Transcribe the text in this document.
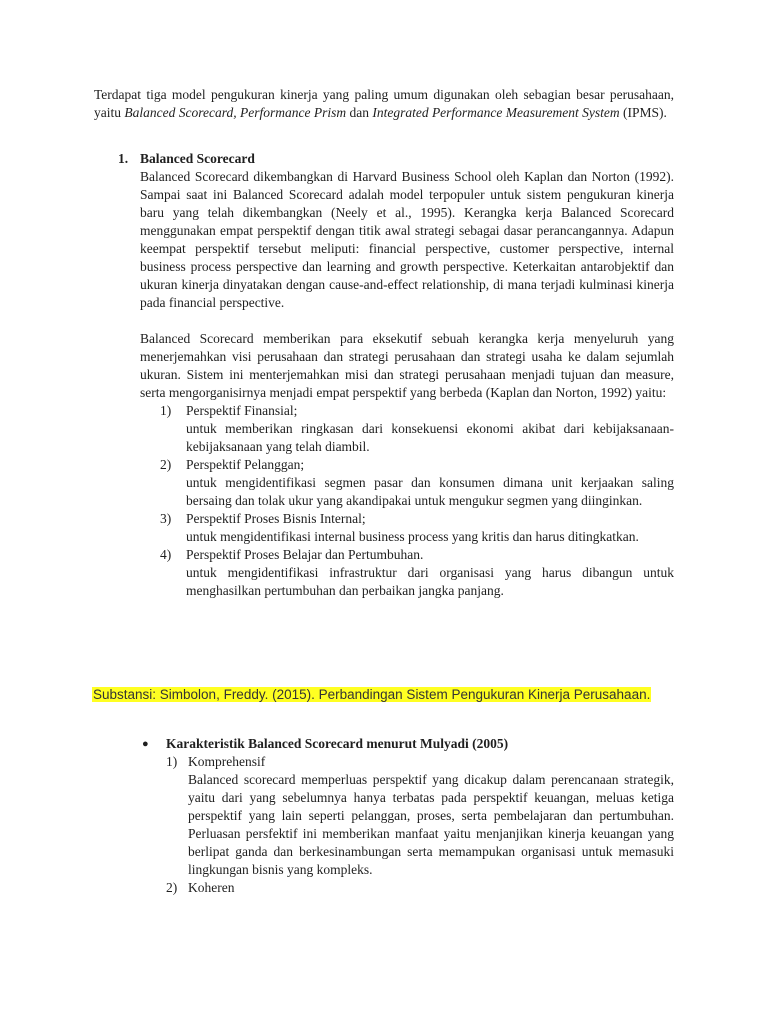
Terdapat tiga model pengukuran kinerja yang paling umum digunakan oleh sebagian besar perusahaan, yaitu Balanced Scorecard, Performance Prism dan Integrated Performance Measurement System (IPMS).

1. Balanced Scorecard

Balanced Scorecard dikembangkan di Harvard Business School oleh Kaplan dan Norton (1992). Sampai saat ini Balanced Scorecard adalah model terpopuler untuk sistem pengukuran kinerja baru yang telah dikembangkan (Neely et al., 1995). Kerangka kerja Balanced Scorecard menggunakan empat perspektif dengan titik awal strategi sebagai dasar perancangannya. Adapun keempat perspektif tersebut meliputi: financial perspective, customer perspective, internal business process perspective dan learning and growth perspective. Keterkaitan antarobjektif dan ukuran kinerja dinyatakan dengan cause-and-effect relationship, di mana terjadi kulminasi kinerja pada financial perspective.

Balanced Scorecard memberikan para eksekutif sebuah kerangka kerja menyeluruh yang menerjemahkan visi perusahaan dan strategi perusahaan dan strategi usaha ke dalam sejumlah ukuran. Sistem ini menterjemahkan misi dan strategi perusahaan menjadi tujuan dan measure, serta mengorganisirnya menjadi empat perspektif yang berbeda (Kaplan dan Norton, 1992) yaitu:

1) Perspektif Finansial;

untuk memberikan ringkasan dari konsekuensi ekonomi akibat dari kebijaksanaan-kebijaksanaan yang telah diambil.

2) Perspektif Pelanggan;

untuk mengidentifikasi segmen pasar dan konsumen dimana unit kerjaakan saling bersaing dan tolak ukur yang akandipakai untuk mengukur segmen yang diinginkan.

3) Perspektif Proses Bisnis Internal;

untuk mengidentifikasi internal business process yang kritis dan harus ditingkatkan.

4) Perspektif Proses Belajar dan Pertumbuhan.

untuk mengidentifikasi infrastruktur dari organisasi yang harus dibangun untuk menghasilkan pertumbuhan dan perbaikan jangka panjang.

Substansi: Simbolon, Freddy. (2015). Perbandingan Sistem Pengukuran Kinerja Perusahaan.
● Karakteristik Balanced Scorecard menurut Mulyadi (2005)
1) Komprehensif

Balanced scorecard memperluas perspektif yang dicakup dalam perencanaan strategik, yaitu dari yang sebelumnya hanya terbatas pada perspektif keuangan, meluas ketiga perspektif yang lain seperti pelanggan, proses, serta pembelajaran dan pertumbuhan. Perluasan persfektif ini memberikan manfaat yaitu menjanjikan kinerja keuangan yang berlipat ganda dan berkesinambungan serta memampukan organisasi untuk memasuki lingkungan bisnis yang kompleks.

2) Koheren
